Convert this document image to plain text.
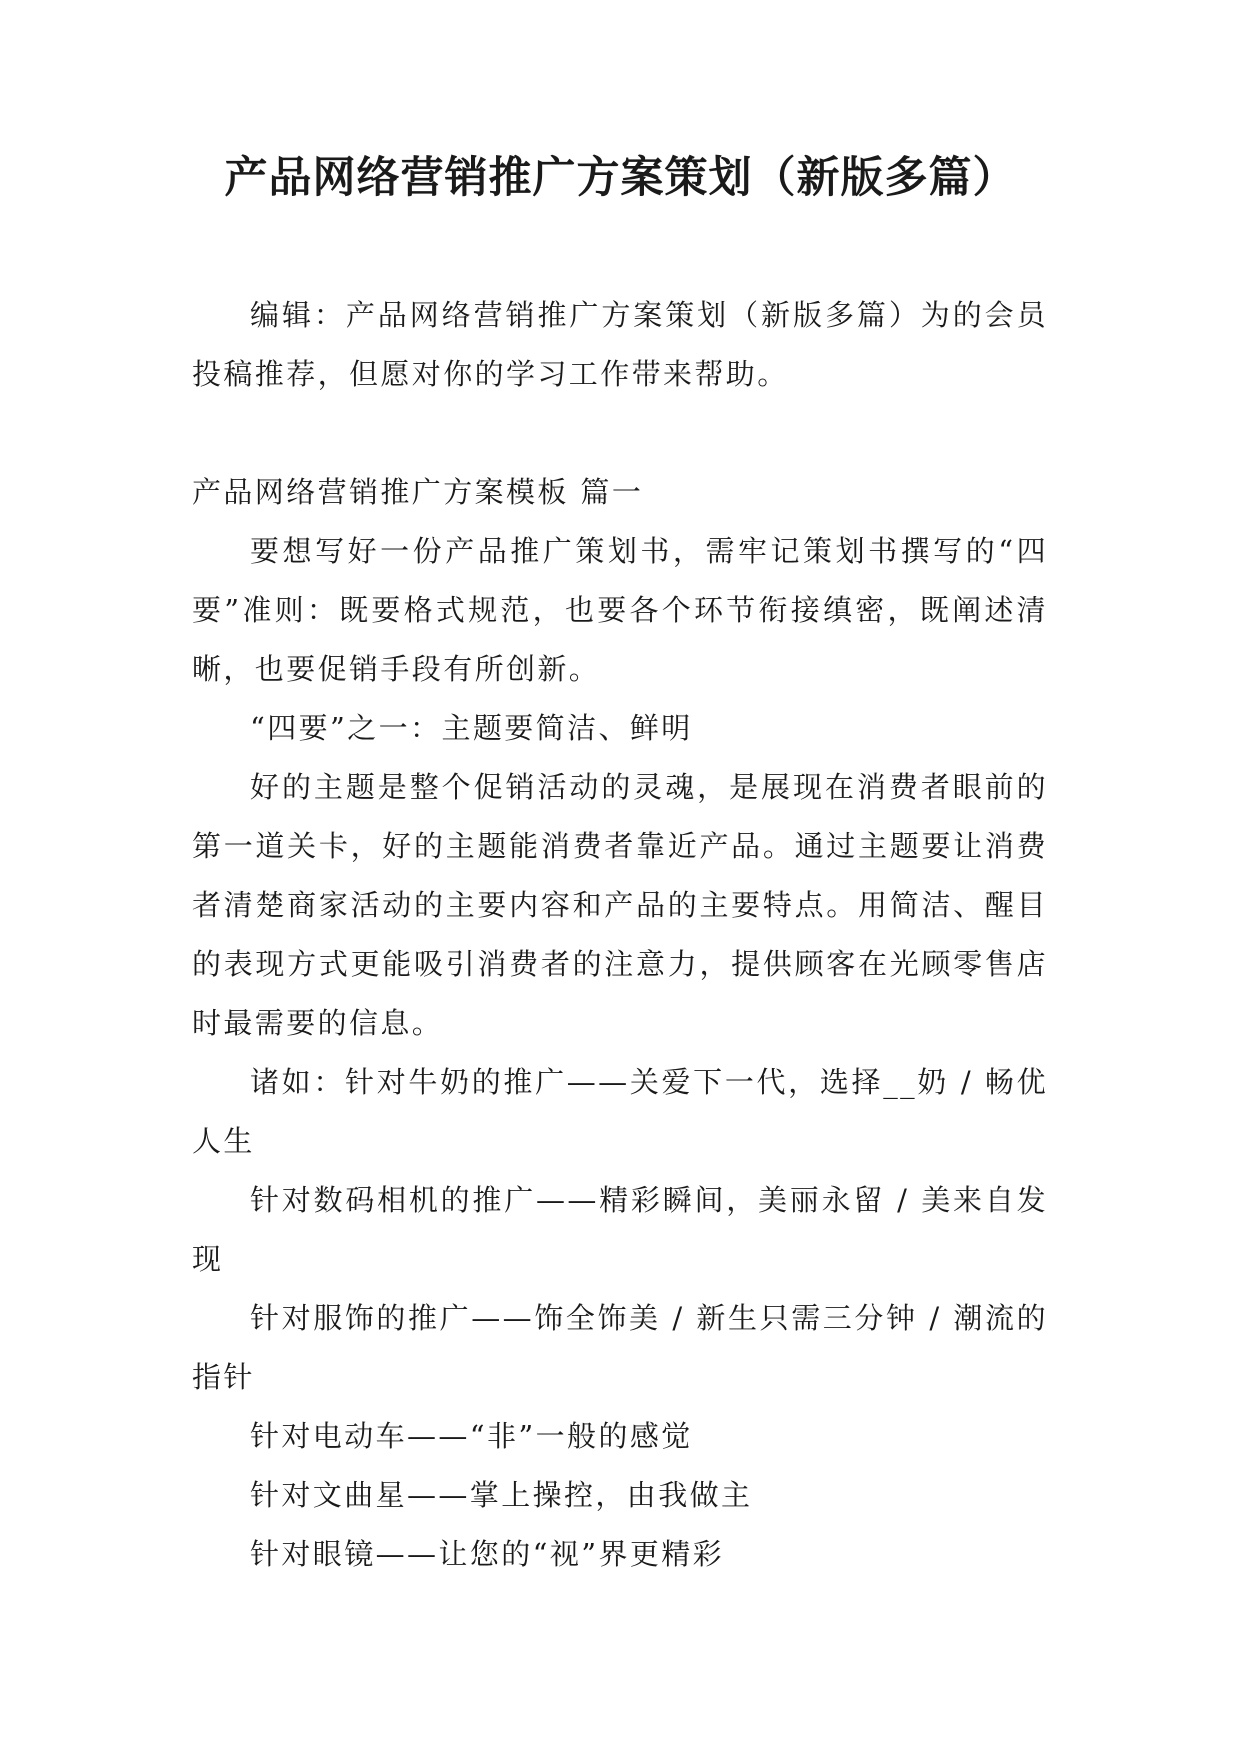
产品网络营销推广方案策划（新版多篇）

编辑：产品网络营销推广方案策划（新版多篇）为的会员投稿推荐，但愿对你的学习工作带来帮助。

产品网络营销推广方案模板 篇一

要想写好一份产品推广策划书，需牢记策划书撰写的“四要”准则：既要格式规范，也要各个环节衔接缜密，既阐述清晰，也要促销手段有所创新。

“四要”之一：主题要简洁、鲜明

好的主题是整个促销活动的灵魂，是展现在消费者眼前的第一道关卡，好的主题能消费者靠近产品。通过主题要让消费者清楚商家活动的主要内容和产品的主要特点。用简洁、醒目的表现方式更能吸引消费者的注意力，提供顾客在光顾零售店时最需要的信息。

诸如：针对牛奶的推广——关爱下一代，选择__奶 / 畅优人生

针对数码相机的推广——精彩瞬间，美丽永留 / 美来自发现

针对服饰的推广——饰全饰美 / 新生只需三分钟 / 潮流的指针

针对电动车——“非”一般的感觉

针对文曲星——掌上操控，由我做主

针对眼镜——让您的“视”界更精彩
